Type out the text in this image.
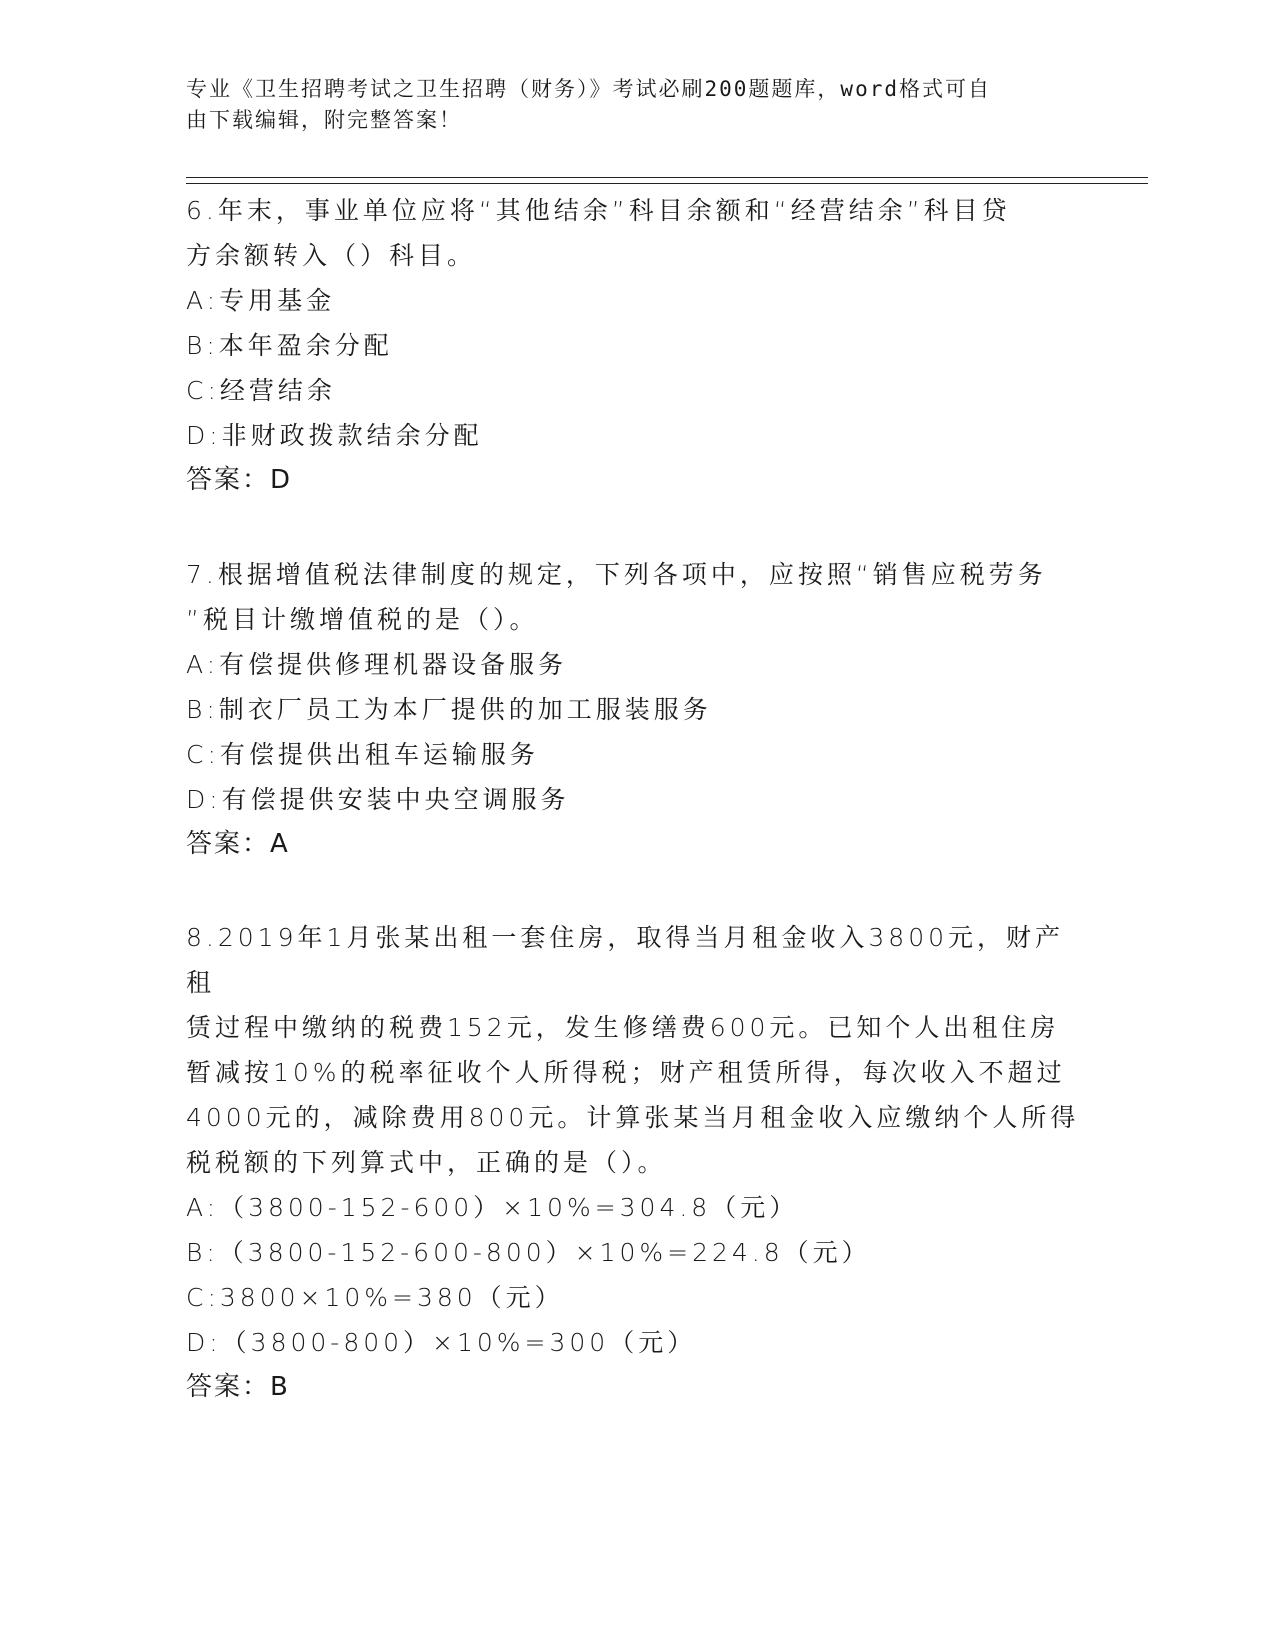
专业《卫生招聘考试之卫生招聘（财务）》考试必刷200题题库，word格式可自
由下载编辑，附完整答案！

6.年末，事业单位应将“其他结余”科目余额和“经营结余”科目贷

方余额转入（）科目。

A:专用基金

B:本年盈余分配

C:经营结余

D:非财政拨款结余分配

答案：D

7.根据增值税法律制度的规定，下列各项中，应按照“销售应税劳务

”税目计缴增值税的是（）。

A:有偿提供修理机器设备服务

B:制衣厂员工为本厂提供的加工服装服务

C:有偿提供出租车运输服务

D:有偿提供安装中央空调服务

答案：A

8.2019年1月张某出租一套住房，取得当月租金收入3800元，财产租

赁过程中缴纳的税费152元，发生修缮费600元。已知个人出租住房

暂减按10%的税率征收个人所得税；财产租赁所得，每次收入不超过

4000元的，减除费用800元。计算张某当月租金收入应缴纳个人所得

税税额的下列算式中，正确的是（）。

A:（3800-152-600）×10%=304.8（元）

B:（3800-152-600-800）×10%=224.8（元）

C:3800×10%=380（元）

D:（3800-800）×10%=300（元）

答案：B
